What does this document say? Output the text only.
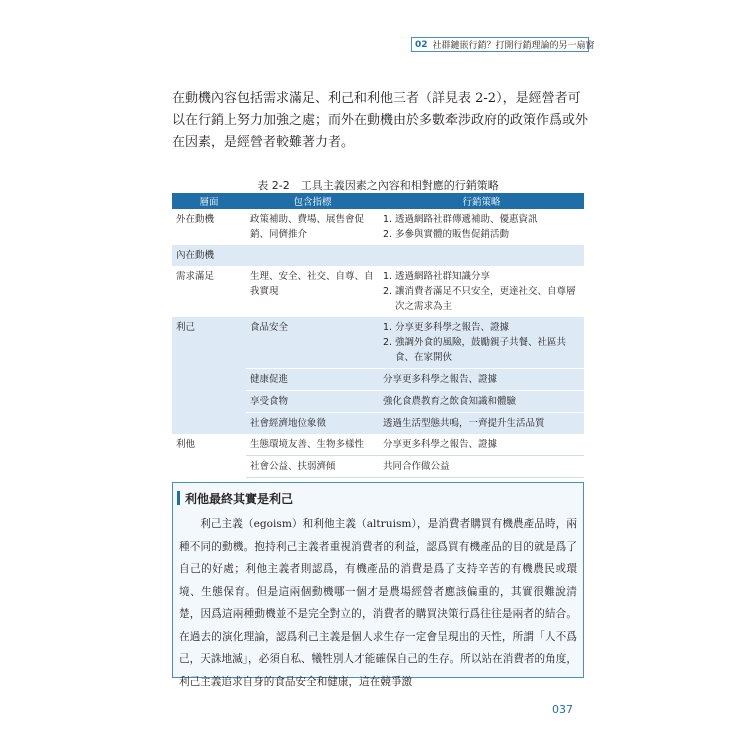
02 社群鏈嵌行銷？打開行銷理論的另一扇窗

在動機內容包括需求滿足、利己和利他三者（詳見表 2-2），是經營者可以在行銷上努力加強之處；而外在動機由於多數牽涉政府的政策作爲或外在因素，是經營者較難著力者。

表 2-2　工具主義因素之內容和相對應的行銷策略
層面	包含指標	行銷策略
外在動機	政策補助、費場、展售會促銷、同儕推介	1. 透過網路社群傳遞補助、優惠資訊
2. 多參與實體的販售促銷活動

內在動機		
需求滿足	生理、安全、社交、自尊、自我實現	1. 透過網路社群知識分享
2. 讓消費者滿足不只安全，更達社交、自尊層次之需求為主

利己	食品安全	1. 分享更多科學之報告、證據
2. 強調外食的風險，鼓勵親子共餐、社區共食、在家開伙

	健康促進	分享更多科學之報告、證據
	享受食物	強化食農教育之飲食知識和體驗
	社會經濟地位象徵	透過生活型態共鳴，一齊提升生活品質
利他	生態環境友善、生物多樣性	分享更多科學之報告、證據
	社會公益、扶弱濟傾	共同合作做公益

利他最終其實是利己

利己主義（egoism）和利他主義（altruism），是消費者購買有機農產品時，兩種不同的動機。抱持利己主義者重視消費者的利益，認爲買有機產品的目的就是爲了自己的好處；利他主義者則認爲，有機產品的消費是爲了支持辛苦的有機農民或環境、生態保育。但是這兩個動機哪一個才是農場經營者應該偏重的，其實很難說清楚，因爲這兩種動機並不是完全對立的，消費者的購買決策行爲往往是兩者的結合。在過去的演化理論，認爲利己主義是個人求生存一定會呈現出的天性，所謂「人不爲己，天誅地滅」，必須自私、犧牲別人才能確保自己的生存。所以站在消費者的角度，利己主義追求自身的食品安全和健康，這在競爭激

037
